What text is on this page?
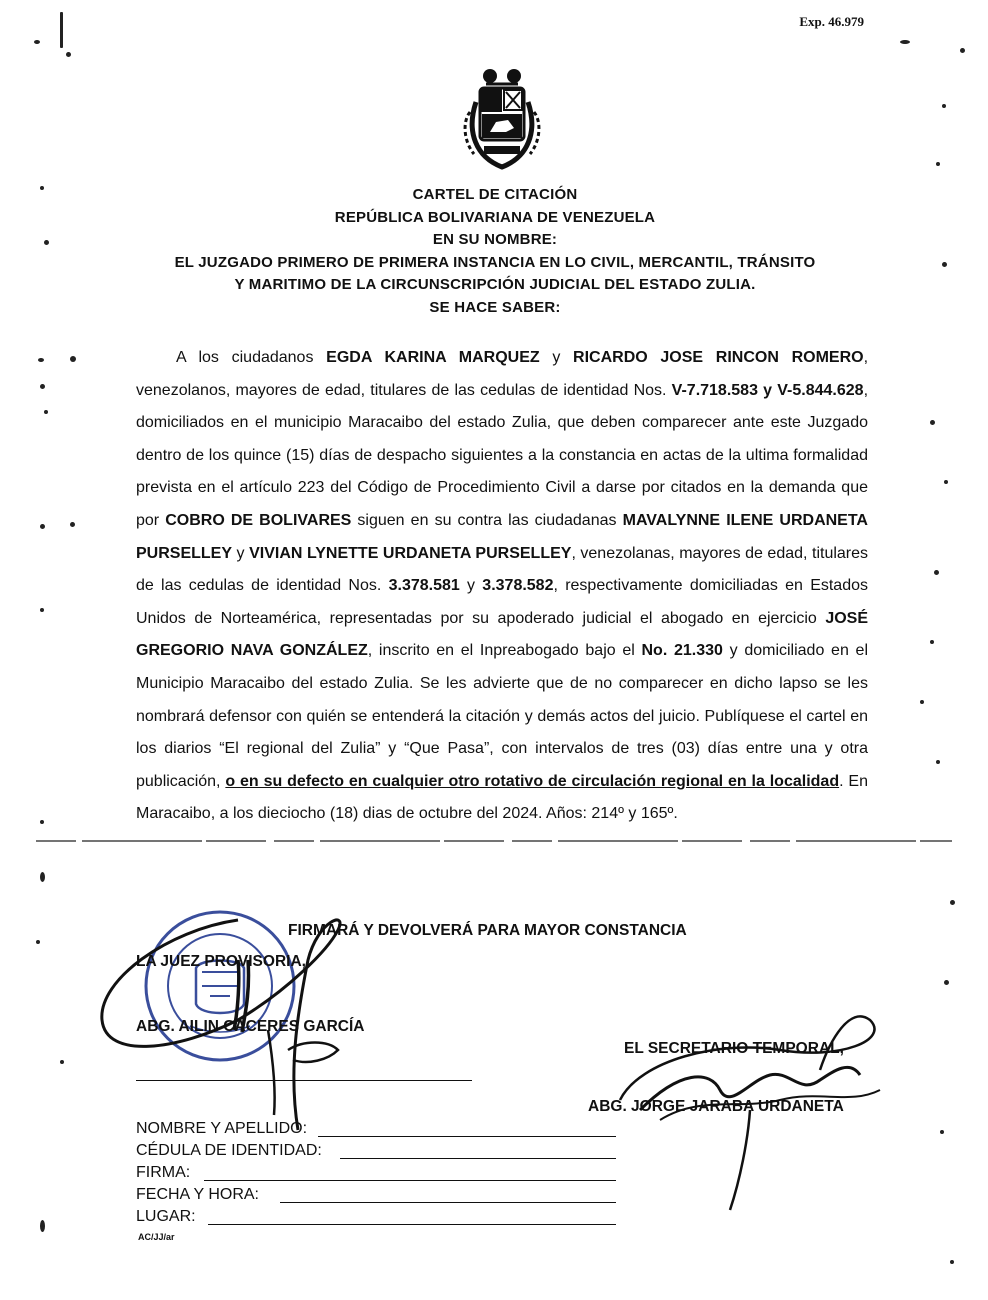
Exp. 46.979
CARTEL DE CITACIÓN
REPÚBLICA BOLIVARIANA DE VENEZUELA
EN SU NOMBRE:
EL JUZGADO PRIMERO DE PRIMERA INSTANCIA EN LO CIVIL, MERCANTIL, TRÁNSITO
Y MARITIMO DE LA CIRCUNSCRIPCIÓN JUDICIAL DEL ESTADO ZULIA.
SE HACE SABER:
A los ciudadanos EGDA KARINA MARQUEZ y RICARDO JOSE RINCON ROMERO, venezolanos, mayores de edad, titulares de las cedulas de identidad Nos. V-7.718.583 y V-5.844.628, domiciliados en el municipio Maracaibo del estado Zulia, que deben comparecer ante este Juzgado dentro de los quince (15) días de despacho siguientes a la constancia en actas de la ultima formalidad prevista en el artículo 223 del Código de Procedimiento Civil a darse por citados en la demanda que por COBRO DE BOLIVARES siguen en su contra las ciudadanas MAVALYNNE ILENE URDANETA PURSELLEY y VIVIAN LYNETTE URDANETA PURSELLEY, venezolanas, mayores de edad, titulares de las cedulas de identidad Nos. 3.378.581 y 3.378.582, respectivamente domiciliadas en Estados Unidos de Norteamérica, representadas por su apoderado judicial el abogado en ejercicio JOSÉ GREGORIO NAVA GONZÁLEZ, inscrito en el Inpreabogado bajo el No. 21.330 y domiciliado en el Municipio Maracaibo del estado Zulia. Se les advierte que de no comparecer en dicho lapso se les nombrará defensor con quién se entenderá la citación y demás actos del juicio. Publíquese el cartel en los diarios “El regional del Zulia” y “Que Pasa”, con intervalos de tres (03) días entre una y otra publicación, o en su defecto en cualquier otro rotativo de circulación regional en la localidad. En Maracaibo, a los dieciocho (18) dias de octubre del 2024. Años: 214º y 165º.
FIRMARÁ Y DEVOLVERÁ PARA MAYOR CONSTANCIA
LA JUEZ PROVISORIA,
ABG. AILIN CACERES GARCÍA
EL SECRETARIO TEMPORAL,
ABG. JORGE JARABA URDANETA
NOMBRE Y APELLIDO:
CÉDULA DE IDENTIDAD:
FIRMA:
FECHA Y HORA:
LUGAR:
AC/JJ/ar
